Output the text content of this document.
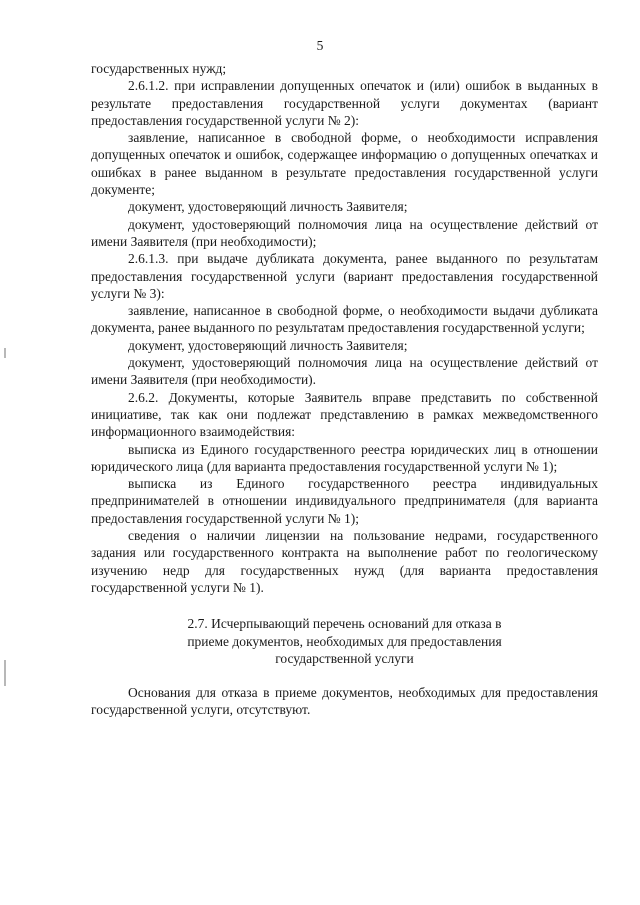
5

государственных нужд;

2.6.1.2. при исправлении допущенных опечаток и (или) ошибок в выданных в результате предоставления государственной услуги документах (вариант предоставления государственной услуги № 2):

заявление, написанное в свободной форме, о необходимости исправления допущенных опечаток и ошибок, содержащее информацию о допущенных опечатках и ошибках в ранее выданном в результате предоставления государственной услуги документе;

документ, удостоверяющий личность Заявителя;

документ, удостоверяющий полномочия лица на осуществление действий от имени Заявителя (при необходимости);

2.6.1.3. при выдаче дубликата документа, ранее выданного по результатам предоставления государственной услуги (вариант предоставления государственной услуги № 3):

заявление, написанное в свободной форме, о необходимости выдачи дубликата документа, ранее выданного по результатам предоставления государственной услуги;

документ, удостоверяющий личность Заявителя;

документ, удостоверяющий полномочия лица на осуществление действий от имени Заявителя (при необходимости).

2.6.2. Документы, которые Заявитель вправе представить по собственной инициативе, так как они подлежат представлению в рамках межведомственного информационного взаимодействия:

выписка из Единого государственного реестра юридических лиц в отношении юридического лица (для варианта предоставления государственной услуги № 1);

выписка из Единого государственного реестра индивидуальных предпринимателей в отношении индивидуального предпринимателя (для варианта предоставления государственной услуги № 1);

сведения о наличии лицензии на пользование недрами, государственного задания или государственного контракта на выполнение работ по геологическому изучению недр для государственных нужд (для варианта предоставления государственной услуги № 1).

2.7. Исчерпывающий перечень оснований для отказа в
приеме документов, необходимых для предоставления
государственной услуги

Основания для отказа в приеме документов, необходимых для предоставления государственной услуги, отсутствуют.
